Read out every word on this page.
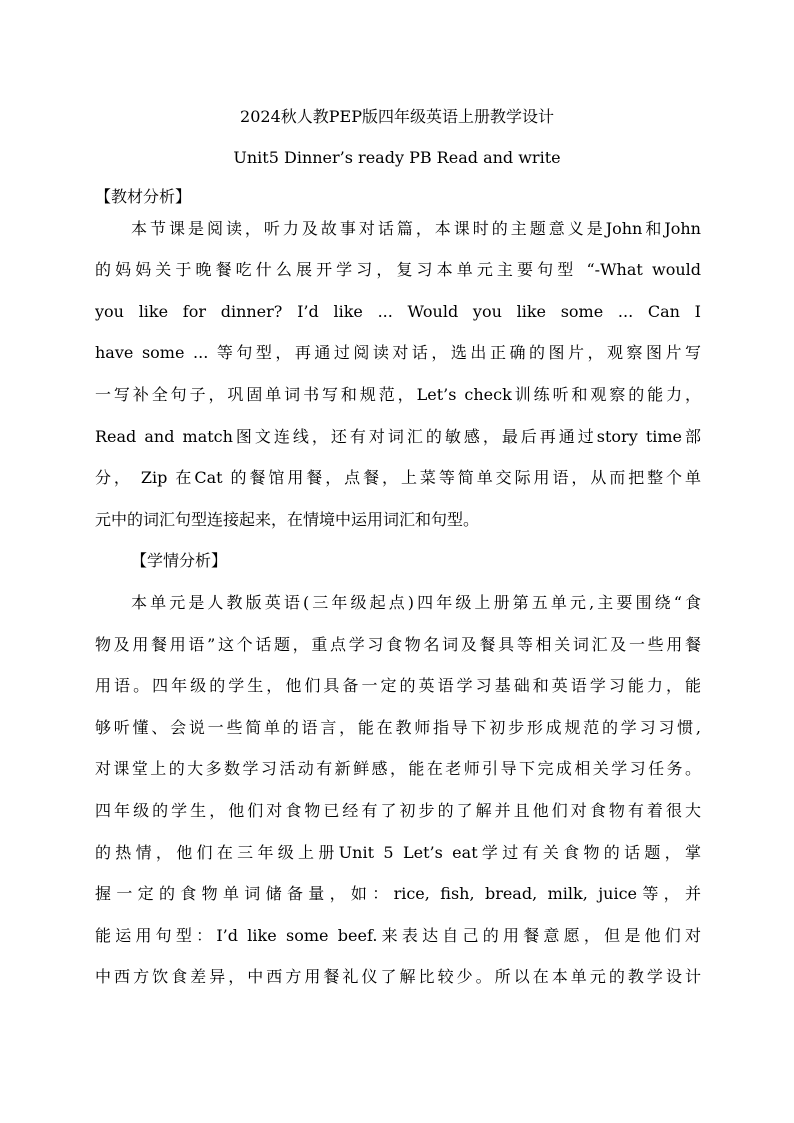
2024秋人教PEP版四年级英语上册教学设计
Unit5 Dinner’s ready PB Read and write
【教材分析】
本节课是阅读，听力及故事对话篇，本课时的主题意义是John和John
的妈妈关于晚餐吃什么展开学习，复习本单元主要句型 “-What would
you like for dinner? I’d like ... Would you like some ... Can I
have some ... 等句型，再通过阅读对话，选出正确的图片，观察图片写
一写补全句子，巩固单词书写和规范，Let’s check训练听和观察的能力，
Read and match图文连线，还有对词汇的敏感，最后再通过story time部
分， Zip 在Cat 的餐馆用餐，点餐，上菜等简单交际用语，从而把整个单
元中的词汇句型连接起来，在情境中运用词汇和句型。
【学情分析】
本单元是人教版英语(三年级起点)四年级上册第五单元,主要围绕“食
物及用餐用语”这个话题，重点学习食物名词及餐具等相关词汇及一些用餐
用语。四年级的学生，他们具备一定的英语学习基础和英语学习能力，能
够听懂、会说一些简单的语言，能在教师指导下初步形成规范的学习习惯,
对课堂上的大多数学习活动有新鲜感，能在老师引导下完成相关学习任务。
四年级的学生，他们对食物已经有了初步的了解并且他们对食物有着很大
的热情，他们在三年级上册Unit 5 Let’s eat学过有关食物的话题，掌
握一定的食物单词储备量，如：rice, fish, bread, milk, juice等，并
能运用句型：I’d like some beef.来表达自己的用餐意愿，但是他们对
中西方饮食差异，中西方用餐礼仪了解比较少。所以在本单元的教学设计
